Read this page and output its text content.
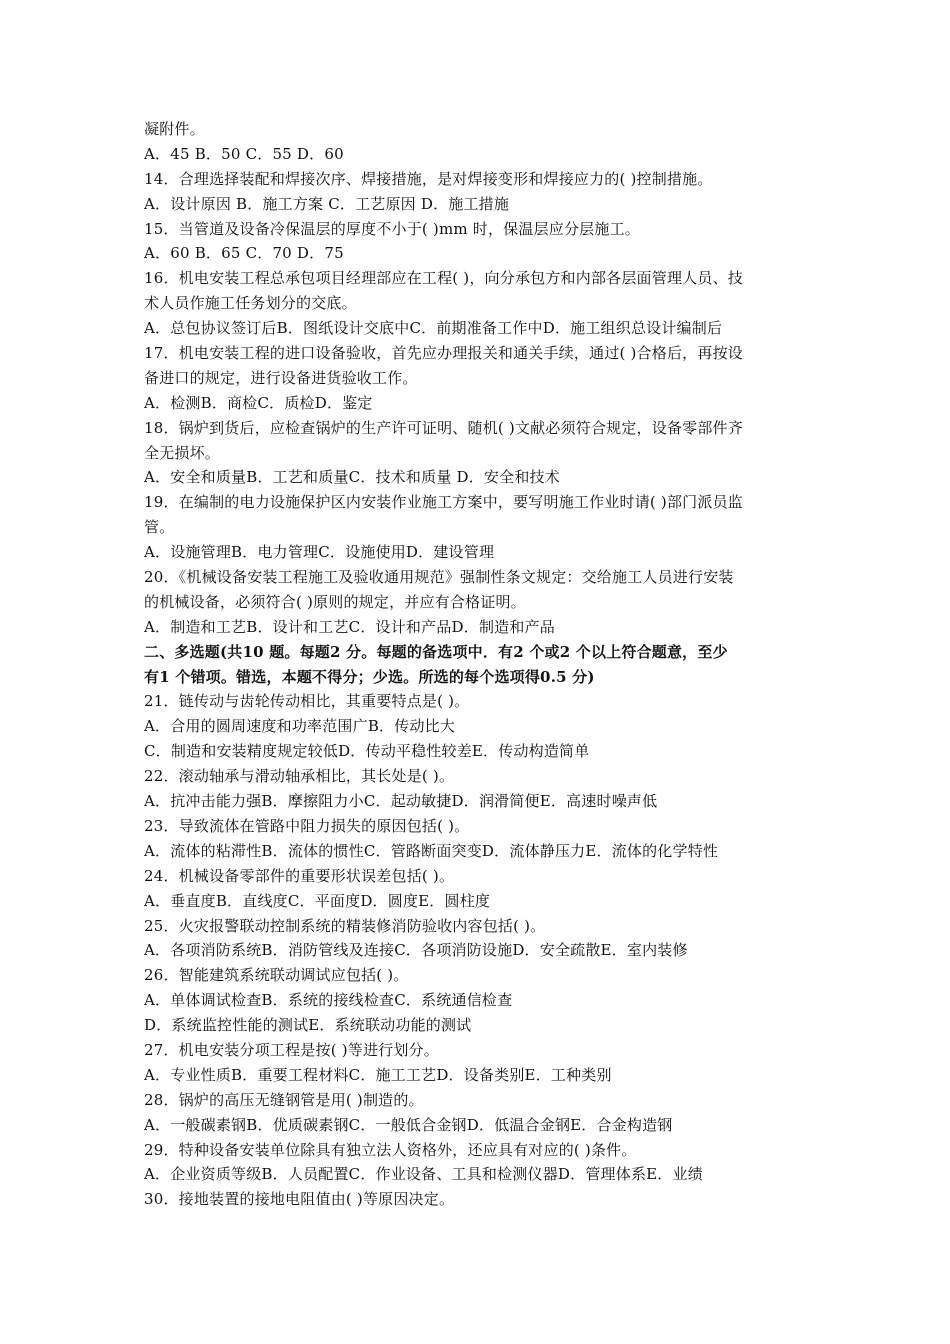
凝附件。
A．45 B．50 C．55 D．60
14．合理选择装配和焊接次序、焊接措施，是对焊接变形和焊接应力的( )控制措施。
A．设计原因 B．施工方案 C．工艺原因 D．施工措施
15．当管道及设备冷保温层的厚度不小于( )mm 时，保温层应分层施工。
A．60 B．65 C．70 D．75
16．机电安装工程总承包项目经理部应在工程( )，向分承包方和内部各层面管理人员、技
术人员作施工任务划分的交底。
A．总包协议签订后B．图纸设计交底中C．前期准备工作中D．施工组织总设计编制后
17．机电安装工程的进口设备验收，首先应办理报关和通关手续，通过( )合格后，再按设
备进口的规定，进行设备进货验收工作。
A．检测B．商检C．质检D．鉴定
18．锅炉到货后，应检查锅炉的生产许可证明、随机( )文献必须符合规定，设备零部件齐
全无损坏。
A．安全和质量B．工艺和质量C．技术和质量 D．安全和技术
19．在编制的电力设施保护区内安装作业施工方案中，要写明施工作业时请( )部门派员监
管。
A．设施管理B．电力管理C．设施使用D．建设管理
20．《机械设备安装工程施工及验收通用规范》强制性条文规定：交给施工人员进行安装
的机械设备，必须符合( )原则的规定，并应有合格证明。
A．制造和工艺B．设计和工艺C．设计和产品D．制造和产品
二、多选题(共10 题。每题2 分。每题的备选项中．有2 个或2 个以上符合题意，至少
有1 个错项。错选，本题不得分；少选。所选的每个选项得0.5 分)
21．链传动与齿轮传动相比，其重要特点是( )。
A．合用的圆周速度和功率范围广B．传动比大
C．制造和安装精度规定较低D．传动平稳性较差E．传动构造简单
22．滚动轴承与滑动轴承相比，其长处是( )。
A．抗冲击能力强B．摩擦阻力小C．起动敏捷D．润滑简便E．高速时噪声低
23．导致流体在管路中阻力损失的原因包括( )。
A．流体的粘滞性B．流体的惯性C．管路断面突变D．流体静压力E．流体的化学特性
24．机械设备零部件的重要形状误差包括( )。
A．垂直度B．直线度C．平面度D．圆度E．圆柱度
25．火灾报警联动控制系统的精装修消防验收内容包括( )。
A．各项消防系统B．消防管线及连接C．各项消防设施D．安全疏散E．室内装修
26．智能建筑系统联动调试应包括( )。
A．单体调试检查B．系统的接线检查C．系统通信检查
D．系统监控性能的测试E．系统联动功能的测试
27．机电安装分项工程是按( )等进行划分。
A．专业性质B．重要工程材料C．施工工艺D．设备类别E．工种类别
28．锅炉的高压无缝钢管是用( )制造的。
A．一般碳素钢B．优质碳素钢C．一般低合金钢D．低温合金钢E．合金构造钢
29．特种设备安装单位除具有独立法人资格外，还应具有对应的( )条件。
A．企业资质等级B．人员配置C．作业设备、工具和检测仪器D．管理体系E．业绩
30．接地装置的接地电阻值由( )等原因决定。
